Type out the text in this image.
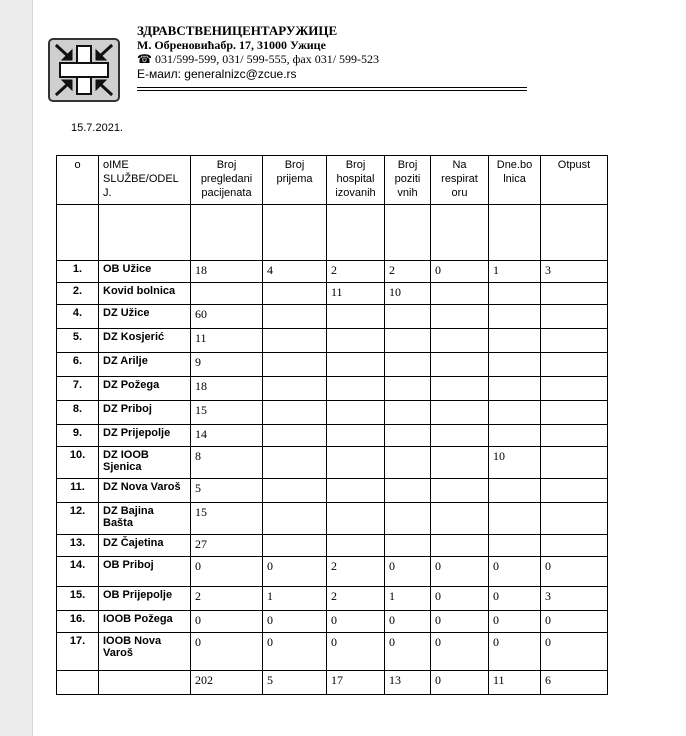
ЗДРАВСТВЕНИЦЕНТАРУЖИЦЕ
М. Обреновићабр. 17, 31000 Ужице
☎ 031/599-599, 031/ 599-555, фах 031/ 599-523
Е-маил: generalnizc@zcue.rs
15.7.2021.
o	oIME
SLUŽBE/ODEL
J.	Broj
pregledani
pacijenata	Broj
prijema	Broj
hospital
izovanih	Broj
poziti
vnih	Na
respirat
oru	Dne.bo
lnica	Otpust

1.	OB Užice	18	4	2	2	0	1	3
2.	Kovid bolnica			11	10			
4.	DZ Užice	60						
5.	DZ Kosjerić	11						
6.	DZ Arilje	9						
7.	DZ Požega	18						
8.	DZ Priboj	15						
9.	DZ Prijepolje	14						
10.	DZ IOOB Sjenica	8					10	
11.	DZ Nova Varoš	5						
12.	DZ Bajina Bašta	15						
13.	DZ Čajetina	27						
14.	OB Priboj	0	0	2	0	0	0	0
15.	OB Prijepolje	2	1	2	1	0	0	3
16.	IOOB Požega	0	0	0	0	0	0	0
17.	IOOB Nova Varoš	0	0	0	0	0	0	0
		202	5	17	13	0	11	6
